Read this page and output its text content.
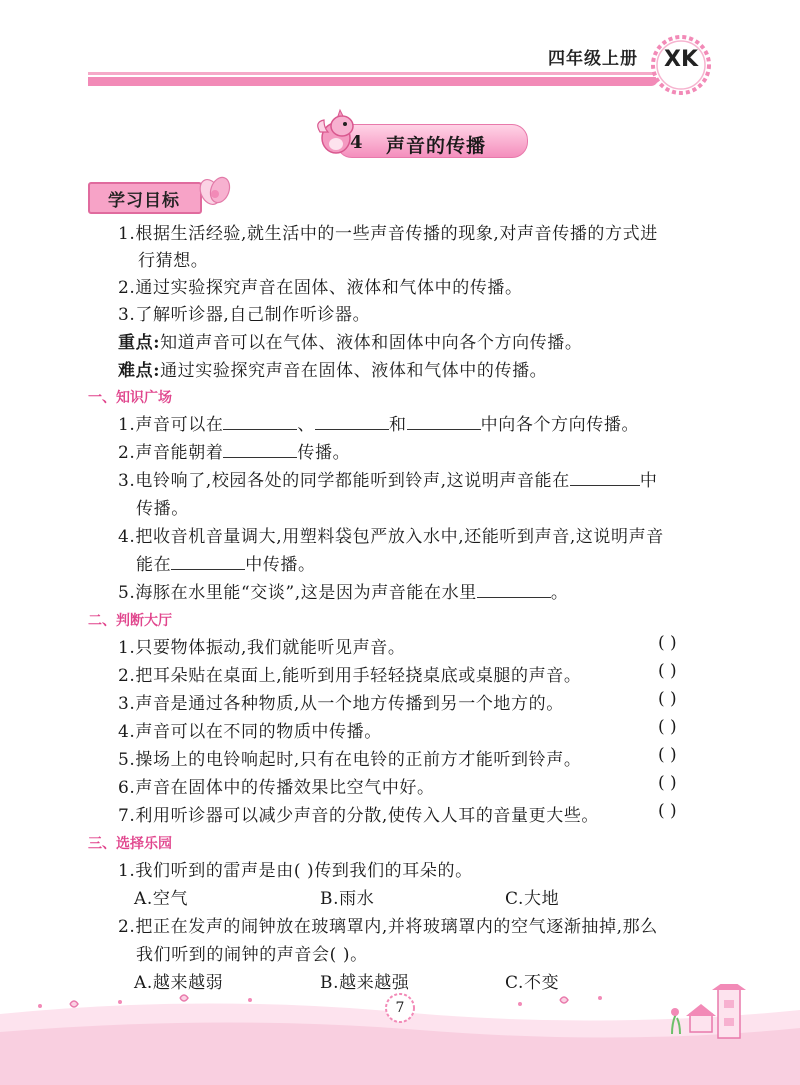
四年级上册	XK
4 声音的传播
学习目标
1.根据生活经验,就生活中的一些声音传播的现象,对声音传播的方式进
行猜想。
2.通过实验探究声音在固体、液体和气体中的传播。
3.了解听诊器,自己制作听诊器。
重点:知道声音可以在气体、液体和固体中向各个方向传播。
难点:通过实验探究声音在固体、液体和气体中的传播。
一、知识广场
1.声音可以在	、	和	中向各个方向传播。
2.声音能朝着	传播。
3.电铃响了,校园各处的同学都能听到铃声,这说明声音能在	中
传播。
4.把收音机音量调大,用塑料袋包严放入水中,还能听到声音,这说明声音
能在	中传播。
5.海豚在水里能“交谈”,这是因为声音能在水里	。
二、判断大厅
1.只要物体振动,我们就能听见声音。	( )
2.把耳朵贴在桌面上,能听到用手轻轻挠桌底或桌腿的声音。	( )
3.声音是通过各种物质,从一个地方传播到另一个地方的。	( )
4.声音可以在不同的物质中传播。	( )
5.操场上的电铃响起时,只有在电铃的正前方才能听到铃声。	( )
6.声音在固体中的传播效果比空气中好。	( )
7.利用听诊器可以减少声音的分散,使传入人耳的音量更大些。	( )
三、选择乐园
1.我们听到的雷声是由( )传到我们的耳朵的。
A.空气	B.雨水	C.大地
2.把正在发声的闹钟放在玻璃罩内,并将玻璃罩内的空气逐渐抽掉,那么
我们听到的闹钟的声音会( )。
A.越来越弱	B.越来越强	C.不变
7
